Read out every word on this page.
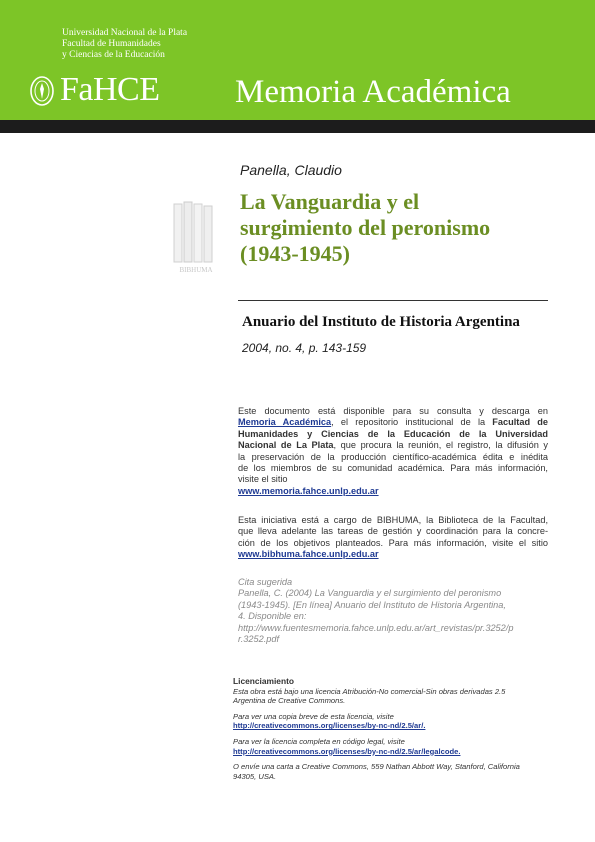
Universidad Nacional de la Plata
Facultad de Humanidades
y Ciencias de la Educación
FaHCE Memoria Académica
BIBHUMA
Panella, Claudio
La Vanguardia y el
surgimiento del peronismo
(1943-1945)
Anuario del Instituto de Historia Argentina
2004, no. 4, p. 143-159
Este documento está disponible para su consulta y descarga en
Memoria Académica, el repositorio institucional de la Facultad de
Humanidades y Ciencias de la Educación de la Universidad
Nacional de La Plata, que procura la reunión, el registro, la difusión y
la preservación de la producción científico-académica édita e inédita
de los miembros de su comunidad académica. Para más información,
visite el sitio
www.memoria.fahce.unlp.edu.ar
Esta iniciativa está a cargo de BIBHUMA, la Biblioteca de la Facultad,
que lleva adelante las tareas de gestión y coordinación para la concre-
ción de los objetivos planteados. Para más información, visite el sitio
www.bibhuma.fahce.unlp.edu.ar
Cita sugerida
Panella, C. (2004) La Vanguardia y el surgimiento del peronismo
(1943-1945). [En línea] Anuario del Instituto de Historia Argentina,
4. Disponible en:
http://www.fuentesmemoria.fahce.unlp.edu.ar/art_revistas/pr.3252/p
r.3252.pdf
Licenciamiento
Esta obra está bajo una licencia Atribución-No comercial-Sin obras derivadas 2.5
Argentina de Creative Commons.
Para ver una copia breve de esta licencia, visite
http://creativecommons.org/licenses/by-nc-nd/2.5/ar/.
Para ver la licencia completa en código legal, visite
http://creativecommons.org/licenses/by-nc-nd/2.5/ar/legalcode.
O envíe una carta a Creative Commons, 559 Nathan Abbott Way, Stanford, California
94305, USA.
